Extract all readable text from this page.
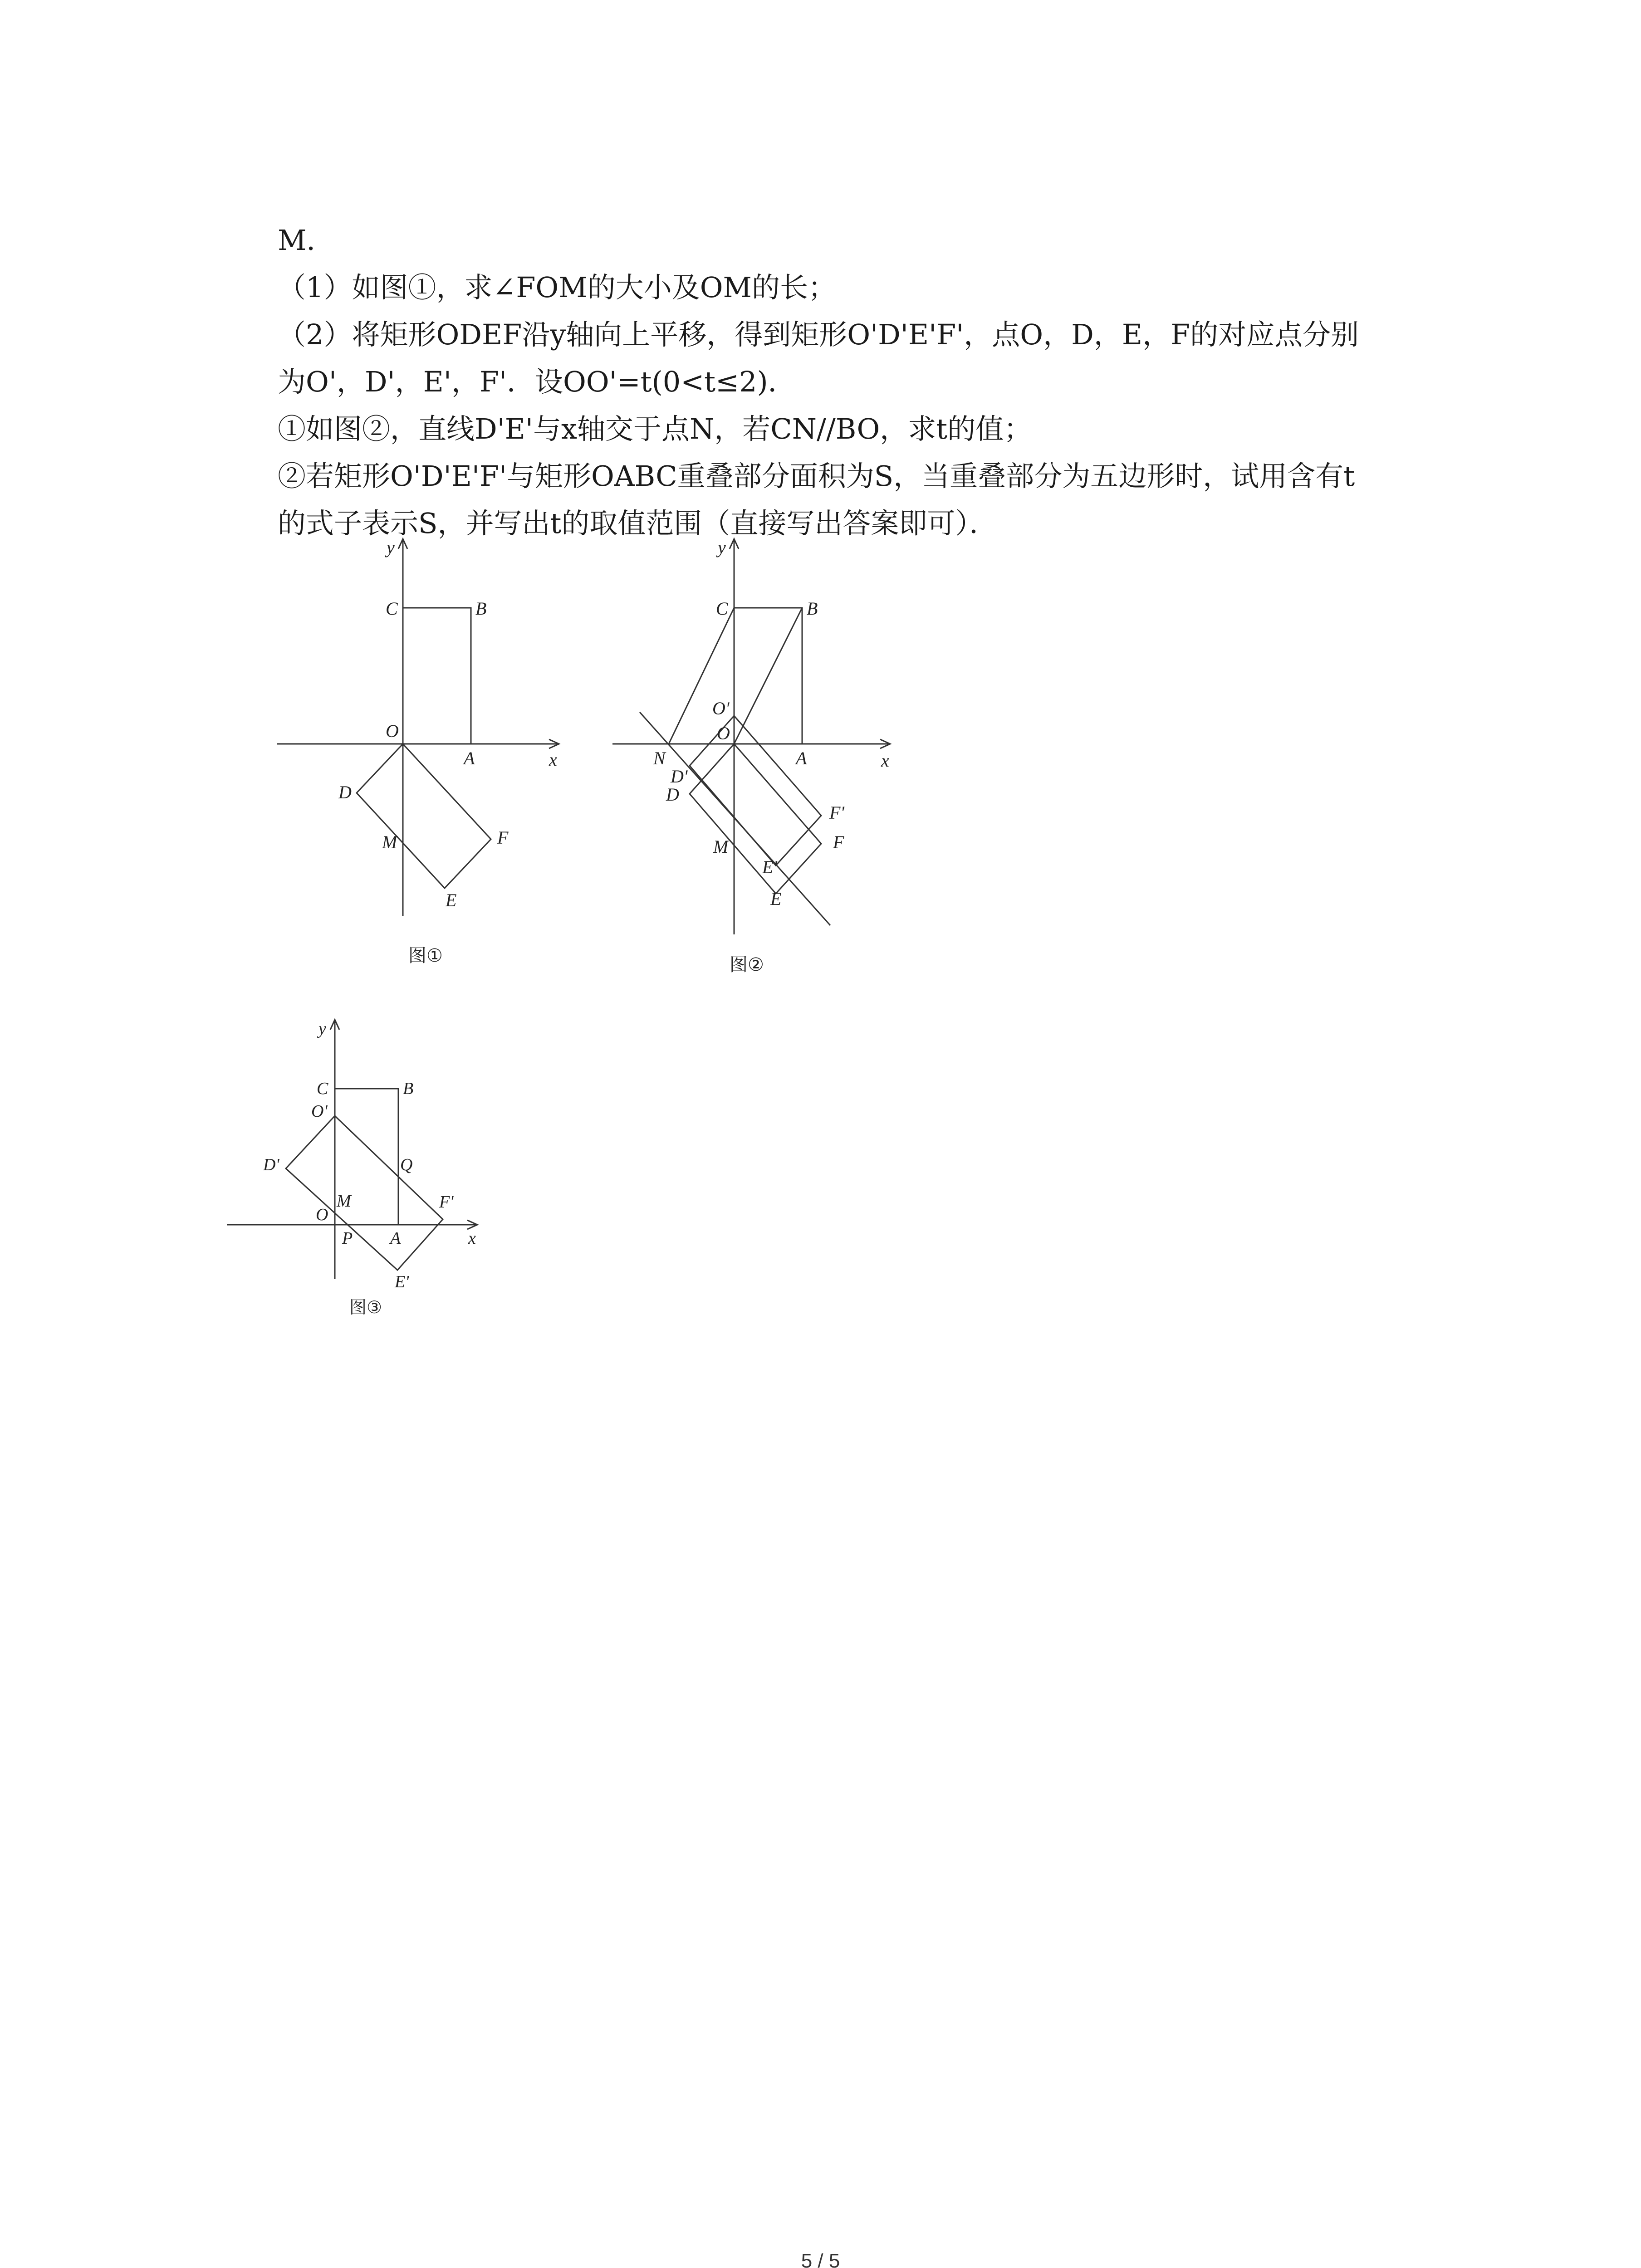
M．
（1）如图①，求∠FOM的大小及OM的长；
（2）将矩形ODEF沿y轴向上平移，得到矩形O'D'E'F'，点O，D，E，F的对应点分别
为O'，D'，E'，F'．设OO'=t(0<t≤2)．
①如图②，直线D'E'与x轴交于点N，若CN//BO，求t的值；
②若矩形O'D'E'F'与矩形OABC重叠部分面积为S，当重叠部分为五边形时，试用含有t
的式子表示S，并写出t的取值范围（直接写出答案即可）．
y
x
C	B
O
A
D
M	F
E
图①
y
x
C	B
O'
O
N	A
D'
D
F'
F
M
E'
E
图②
y
x
C	B
O'
D'	Q
M	F'
O
P A
E'
图③
5 / 5
